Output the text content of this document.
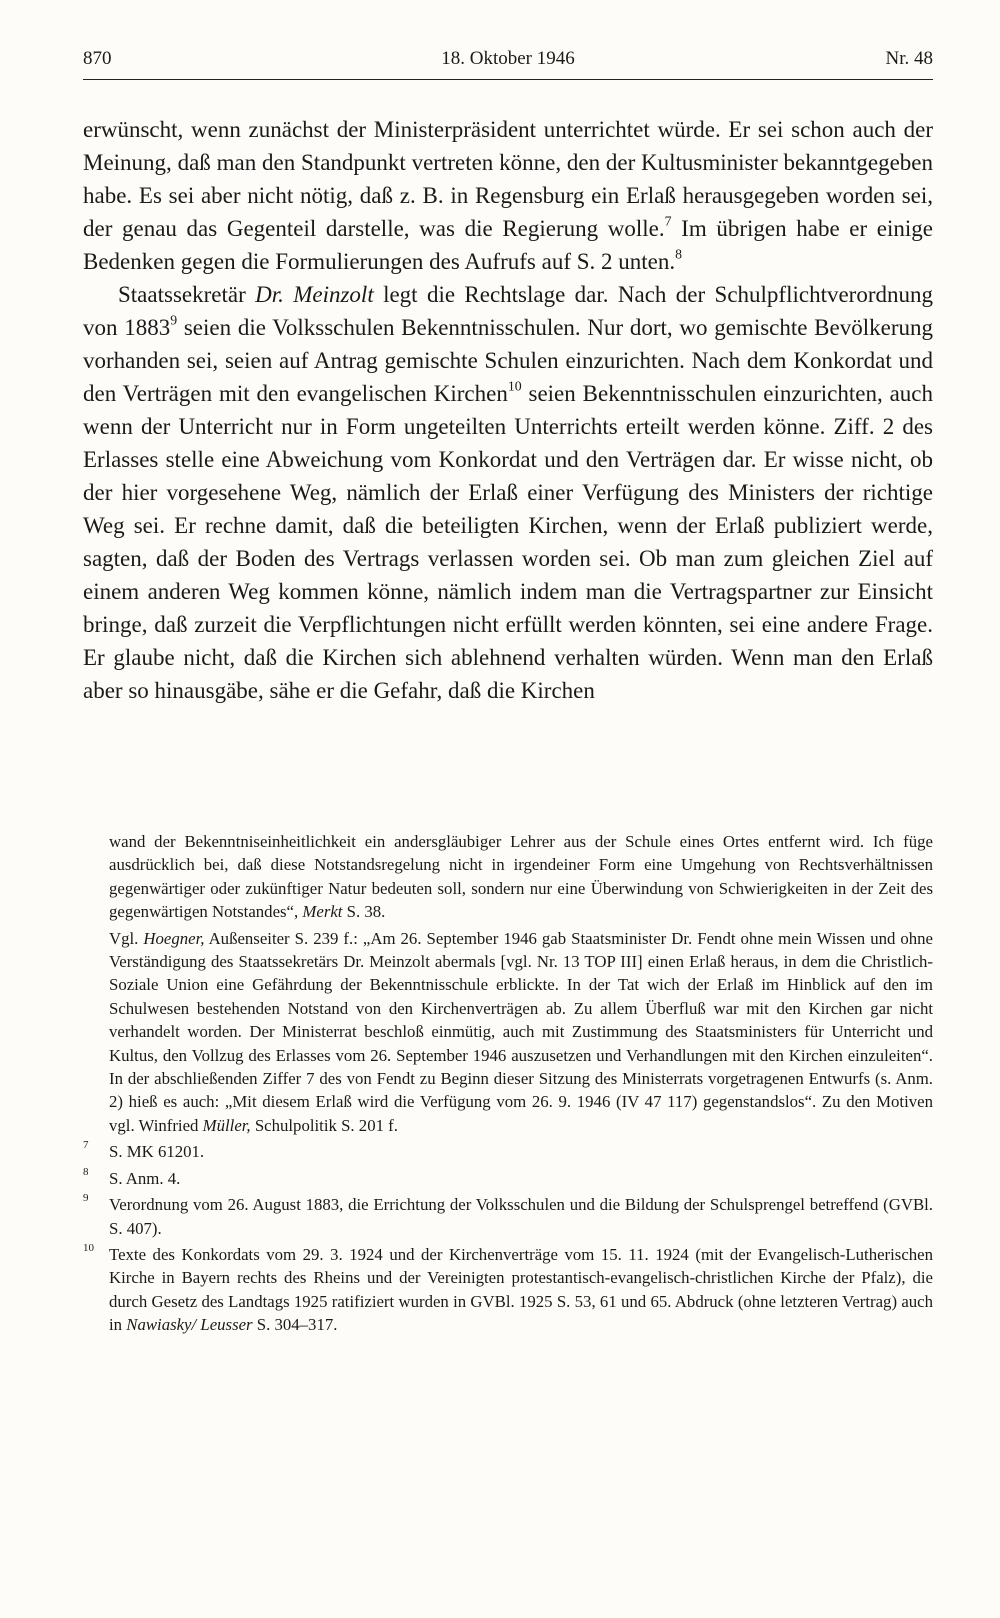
870	18. Oktober 1946	Nr. 48

erwünscht, wenn zunächst der Ministerpräsident unterrichtet würde. Er sei schon auch der Meinung, daß man den Standpunkt vertreten könne, den der Kultusminister bekanntgegeben habe. Es sei aber nicht nötig, daß z. B. in Regensburg ein Erlaß herausgegeben worden sei, der genau das Gegenteil darstelle, was die Regierung wolle.$^7$ Im übrigen habe er einige Bedenken gegen die Formulierungen des Aufrufs auf S. 2 unten.$^8$

Staatssekretär Dr. Meinzolt legt die Rechtslage dar. Nach der Schulpflichtverordnung von 1883$^9$ seien die Volksschulen Bekenntnisschulen. Nur dort, wo gemischte Bevölkerung vorhanden sei, seien auf Antrag gemischte Schulen einzurichten. Nach dem Konkordat und den Verträgen mit den evangelischen Kirchen$^{10}$ seien Bekenntnisschulen einzurichten, auch wenn der Unterricht nur in Form ungeteilten Unterrichts erteilt werden könne. Ziff. 2 des Erlasses stelle eine Abweichung vom Konkordat und den Verträgen dar. Er wisse nicht, ob der hier vorgesehene Weg, nämlich der Erlaß einer Verfügung des Ministers der richtige Weg sei. Er rechne damit, daß die beteiligten Kirchen, wenn der Erlaß publiziert werde, sagten, daß der Boden des Vertrags verlassen worden sei. Ob man zum gleichen Ziel auf einem anderen Weg kommen könne, nämlich indem man die Vertragspartner zur Einsicht bringe, daß zurzeit die Verpflichtungen nicht erfüllt werden könnten, sei eine andere Frage. Er glaube nicht, daß die Kirchen sich ablehnend verhalten würden. Wenn man den Erlaß aber so hinausgäbe, sähe er die Gefahr, daß die Kirchen

wand der Bekenntniseinheitlichkeit ein andersgläubiger Lehrer aus der Schule eines Ortes entfernt wird. Ich füge ausdrücklich bei, daß diese Notstandsregelung nicht in irgendeiner Form eine Umgehung von Rechtsverhältnissen gegenwärtiger oder zukünftiger Natur bedeuten soll, sondern nur eine Überwindung von Schwierigkeiten in der Zeit des gegenwärtigen Notstandes“, Merkt S. 38.

Vgl. Hoegner, Außenseiter S. 239 f.: „Am 26. September 1946 gab Staatsminister Dr. Fendt ohne mein Wissen und ohne Verständigung des Staatssekretärs Dr. Meinzolt abermals [vgl. Nr. 13 TOP III] einen Erlaß heraus, in dem die Christlich-Soziale Union eine Gefährdung der Bekenntnisschule erblickte. In der Tat wich der Erlaß im Hinblick auf den im Schulwesen bestehenden Notstand von den Kirchenverträgen ab. Zu allem Überfluß war mit den Kirchen gar nicht verhandelt worden. Der Ministerrat beschloß einmütig, auch mit Zustimmung des Staatsministers für Unterricht und Kultus, den Vollzug des Erlasses vom 26. September 1946 auszusetzen und Verhandlungen mit den Kirchen einzuleiten“. In der abschließenden Ziffer 7 des von Fendt zu Beginn dieser Sitzung des Ministerrats vorgetragenen Entwurfs (s. Anm. 2) hieß es auch: „Mit diesem Erlaß wird die Verfügung vom 26. 9. 1946 (IV 47 117) gegenstandslos“. Zu den Motiven vgl. Winfried Müller, Schulpolitik S. 201 f.

7 S. MK 61201.

8 S. Anm. 4.

9 Verordnung vom 26. August 1883, die Errichtung der Volksschulen und die Bildung der Schulsprengel betreffend (GVBl. S. 407).

10 Texte des Konkordats vom 29. 3. 1924 und der Kirchenverträge vom 15. 11. 1924 (mit der Evangelisch-Lutherischen Kirche in Bayern rechts des Rheins und der Vereinigten protestantisch-evangelisch-christlichen Kirche der Pfalz), die durch Gesetz des Landtags 1925 ratifiziert wurden in GVBl. 1925 S. 53, 61 und 65. Abdruck (ohne letzteren Vertrag) auch in Nawiasky/ Leusser S. 304–317.
